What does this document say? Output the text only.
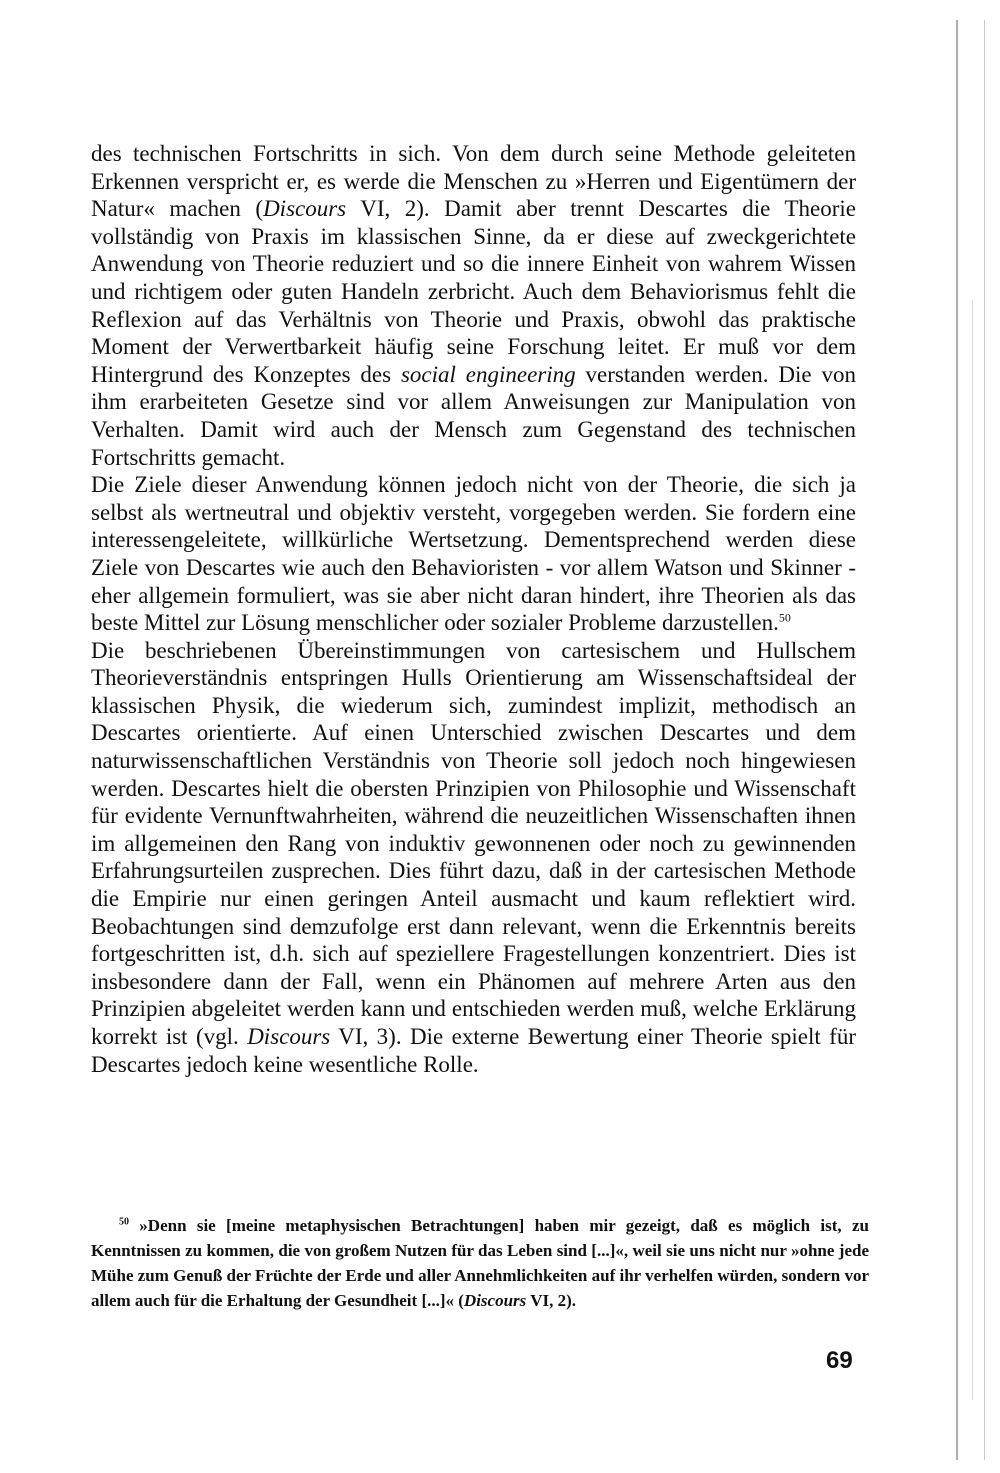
des technischen Fortschritts in sich. Von dem durch seine Methode geleiteten Erkennen verspricht er, es werde die Menschen zu »Herren und Eigentümern der Natur« machen (Discours VI, 2). Damit aber trennt Descartes die Theorie vollständig von Praxis im klassischen Sinne, da er diese auf zweckgerichtete Anwendung von Theorie reduziert und so die innere Einheit von wahrem Wissen und richtigem oder guten Handeln zerbricht. Auch dem Behaviorismus fehlt die Reflexion auf das Verhältnis von Theorie und Praxis, obwohl das praktische Moment der Verwertbarkeit häufig seine Forschung leitet. Er muß vor dem Hintergrund des Konzeptes des social engineering verstanden werden. Die von ihm erarbeiteten Gesetze sind vor allem Anweisungen zur Manipulation von Verhalten. Damit wird auch der Mensch zum Gegenstand des technischen Fortschritts gemacht.

Die Ziele dieser Anwendung können jedoch nicht von der Theorie, die sich ja selbst als wertneutral und objektiv versteht, vorgegeben werden. Sie fordern eine interessengeleitete, willkürliche Wertsetzung. Dementsprechend werden diese Ziele von Descartes wie auch den Behavioristen - vor allem Watson und Skinner - eher allgemein formuliert, was sie aber nicht daran hindert, ihre Theorien als das beste Mittel zur Lösung menschlicher oder sozialer Probleme darzustellen.$^{50}$

Die beschriebenen Übereinstimmungen von cartesischem und Hullschem Theorieverständnis entspringen Hulls Orientierung am Wissenschaftsideal der klassischen Physik, die wiederum sich, zumindest implizit, methodisch an Descartes orientierte. Auf einen Unterschied zwischen Descartes und dem naturwissenschaftlichen Verständnis von Theorie soll jedoch noch hingewiesen werden. Descartes hielt die obersten Prinzipien von Philosophie und Wissenschaft für evidente Vernunftwahrheiten, während die neuzeitlichen Wissenschaften ihnen im allgemeinen den Rang von induktiv gewonnenen oder noch zu gewinnenden Erfahrungsurteilen zusprechen. Dies führt dazu, daß in der cartesischen Methode die Empirie nur einen geringen Anteil ausmacht und kaum reflektiert wird. Beobachtungen sind demzufolge erst dann relevant, wenn die Erkenntnis bereits fortgeschritten ist, d.h. sich auf speziellere Fragestellungen konzentriert. Dies ist insbesondere dann der Fall, wenn ein Phänomen auf mehrere Arten aus den Prinzipien abgeleitet werden kann und entschieden werden muß, welche Erklärung korrekt ist (vgl. Discours VI, 3). Die externe Bewertung einer Theorie spielt für Descartes jedoch keine wesentliche Rolle.

$^{50}$ »Denn sie [meine metaphysischen Betrachtungen] haben mir gezeigt, daß es möglich ist, zu Kenntnissen zu kommen, die von großem Nutzen für das Leben sind [...]«, weil sie uns nicht nur »ohne jede Mühe zum Genuß der Früchte der Erde und aller Annehmlichkeiten auf ihr verhelfen würden, sondern vor allem auch für die Erhaltung der Gesundheit [...]« (Discours VI, 2).

69
